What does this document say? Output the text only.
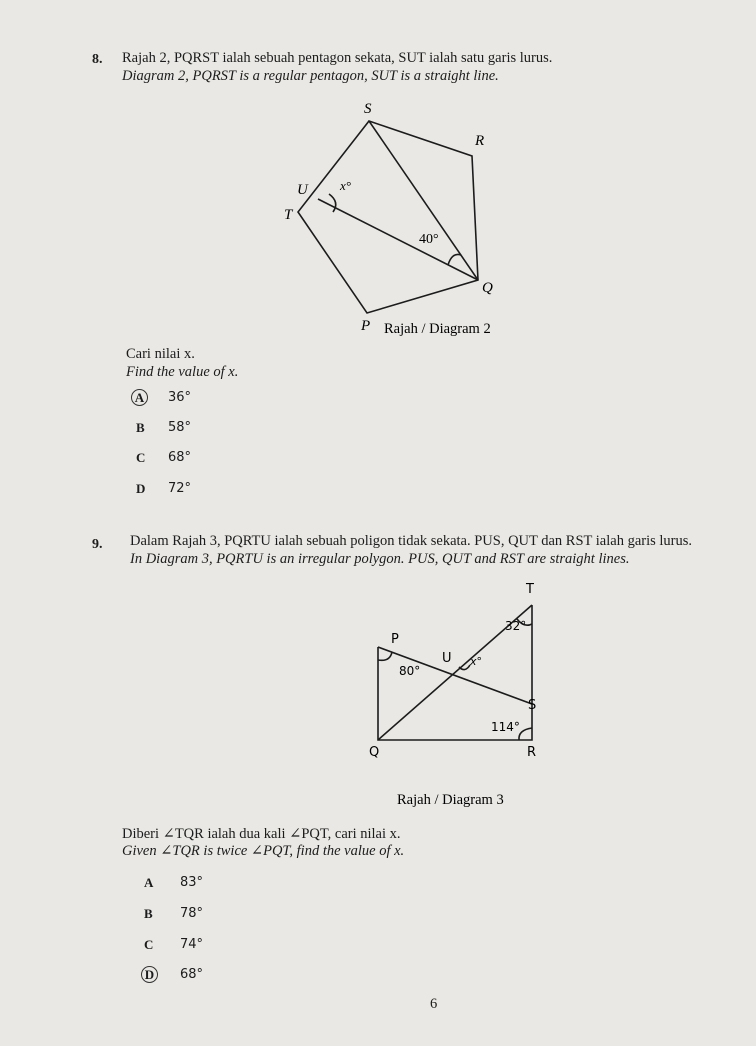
8. Rajah 2, PQRST ialah sebuah pentagon sekata, SUT ialah satu garis lurus.
Diagram 2, PQRST is a regular pentagon, SUT is a straight line.
S
R
U
T
Q
P
x°
40°
Rajah / Diagram 2
Cari nilai x.
Find the value of x.
A 36°
B 58°
C 68°
D 72°
9. Dalam Rajah 3, PQRTU ialah sebuah poligon tidak sekata. PUS, QUT dan RST ialah garis lurus.
In Diagram 3, PQRTU is an irregular polygon. PUS, QUT and RST are straight lines.
T
P
U
S
Q	R
32°
80°
x°
114°
Rajah / Diagram 3
Diberi ∠TQR ialah dua kali ∠PQT, cari nilai x.
Given ∠TQR is twice ∠PQT, find the value of x.
A 83°
B 78°
C 74°
D 68°
6
